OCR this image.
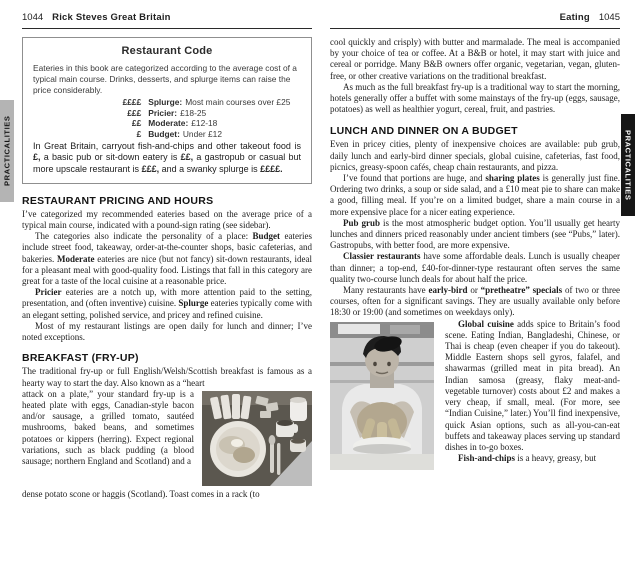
PRACTICALITIES	PRACTICALITIES
1044 Rick Steves Great Britain
Restaurant Code

Eateries in this book are categorized according to the average cost of a typical main course. Drinks, desserts, and splurge items can raise the price considerably.

££££ Splurge: Most main courses over £25
£££ Pricier: £18-25
££ Moderate: £12-18
£ Budget: Under £12

In Great Britain, carryout fish-and-chips and other takeout food is £, a basic pub or sit-down eatery is ££, a gastropub or casual but more upscale restaurant is £££, and a swanky splurge is ££££.

RESTAURANT PRICING AND HOURS

I’ve categorized my recommended eateries based on the average price of a typical main course, indicated with a pound-sign rating (see sidebar).

The categories also indicate the personality of a place: Budget eateries include street food, takeaway, order-at-the-counter shops, basic cafeterias, and bakeries. Moderate eateries are nice (but not fancy) sit-down restaurants, ideal for a pleasant meal with good-quality food. Listings that fall in this category are great for a taste of the local cuisine at a reasonable price.

Pricier eateries are a notch up, with more attention paid to the setting, presentation, and (often inventive) cuisine. Splurge eateries typically come with an elegant setting, polished service, and pricey and refined cuisine.

Most of my restaurant listings are open daily for lunch and dinner; I’ve noted exceptions.

BREAKFAST (FRY-UP)

The traditional fry-up or full English/Welsh/Scottish breakfast is famous as a hearty way to start the day. Also known as a “heart

attack on a plate,” your standard fry-up is a heated plate with eggs, Canadian-style bacon and/or sausage, a grilled tomato, sautéed mushrooms, baked beans, and sometimes potatoes or kippers (herring). Expect regional variations, such as black pudding (a blood sausage; northern England and Scotland) and a

dense potato scone or haggis (Scotland). Toast comes in a rack (to

Eating 1045

cool quickly and crisply) with butter and marmalade. The meal is accompanied by your choice of tea or coffee. At a B&B or hotel, it may start with juice and cereal or porridge. Many B&B owners offer organic, vegetarian, vegan, gluten-free, or other creative variations on the traditional breakfast.

As much as the full breakfast fry-up is a traditional way to start the morning, hotels generally offer a buffet with some mainstays of the fry-up (eggs, sausage, potatoes) as well as healthier yogurt, cereal, fruit, and pastries.

LUNCH AND DINNER ON A BUDGET

Even in pricey cities, plenty of inexpensive choices are available: pub grub, daily lunch and early-bird dinner specials, global cuisine, cafeterias, fast food, picnics, greasy-spoon cafés, cheap chain restaurants, and pizza.

I’ve found that portions are huge, and sharing plates is generally just fine. Ordering two drinks, a soup or side salad, and a £10 meat pie to share can make a good, filling meal. If you’re on a limited budget, share a main course in a more expensive place for a nicer eating experience.

Pub grub is the most atmospheric budget option. You’ll usually get hearty lunches and dinners priced reasonably under ancient timbers (see “Pubs,” later). Gastropubs, with better food, are more expensive.

Classier restaurants have some affordable deals. Lunch is usually cheaper than dinner; a top-end, £40-for-dinner-type restaurant often serves the same quality two-course lunch deals for about half the price.

Many restaurants have early-bird or “pretheatre” specials of two or three courses, often for a significant savings. They are usually available only before 18:30 or 19:00 (and sometimes on weekdays only).

Global cuisine adds spice to Britain’s food scene. Eating Indian, Bangladeshi, Chinese, or Thai is cheap (even cheaper if you do takeout). Middle Eastern shops sell gyros, falafel, and shawarmas (grilled meat in pita bread). An Indian samosa (greasy, flaky meat-and-vegetable turnover) costs about £2 and makes a very cheap, if small, meal. (For more, see “Indian Cuisine,” later.) You’ll find inexpensive, quick Asian options, such as all-you-can-eat buffets and takeaway places serving up standard dishes in to-go boxes.

Fish-and-chips is a heavy, greasy, but
